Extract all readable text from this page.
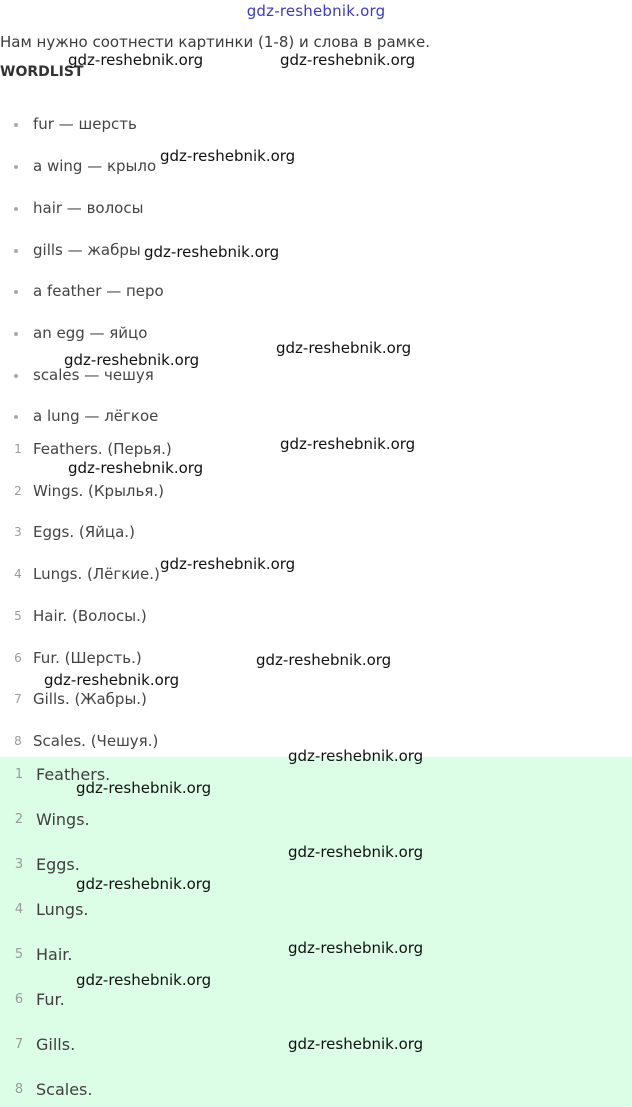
gdz-reshebnik.org
Нам нужно соотнести картинки (1-8) и слова в рамке.
WORDLIST
fur — шерсть
a wing — крыло
hair — волосы
gills — жабры
a feather — перо
an egg — яйцо
scales — чешуя
a lung — лёгкое
1 Feathers. (Перья.)
2 Wings. (Крылья.)
3 Eggs. (Яйца.)
4 Lungs. (Лёгкие.)
5 Hair. (Волосы.)
6 Fur. (Шерсть.)
7 Gills. (Жабры.)
8 Scales. (Чешуя.)
1 Feathers.
2 Wings.
3 Eggs.
4 Lungs.
5 Hair.
6 Fur.
7 Gills.
8 Scales.
gdz-reshebnik.org	gdz-reshebnik.org
gdz-reshebnik.org
gdz-reshebnik.org
gdz-reshebnik.org
gdz-reshebnik.org
gdz-reshebnik.org
gdz-reshebnik.org
gdz-reshebnik.org
gdz-reshebnik.org
gdz-reshebnik.org
gdz-reshebnik.org
gdz-reshebnik.org
gdz-reshebnik.org
gdz-reshebnik.org
gdz-reshebnik.org
gdz-reshebnik.org
gdz-reshebnik.org
